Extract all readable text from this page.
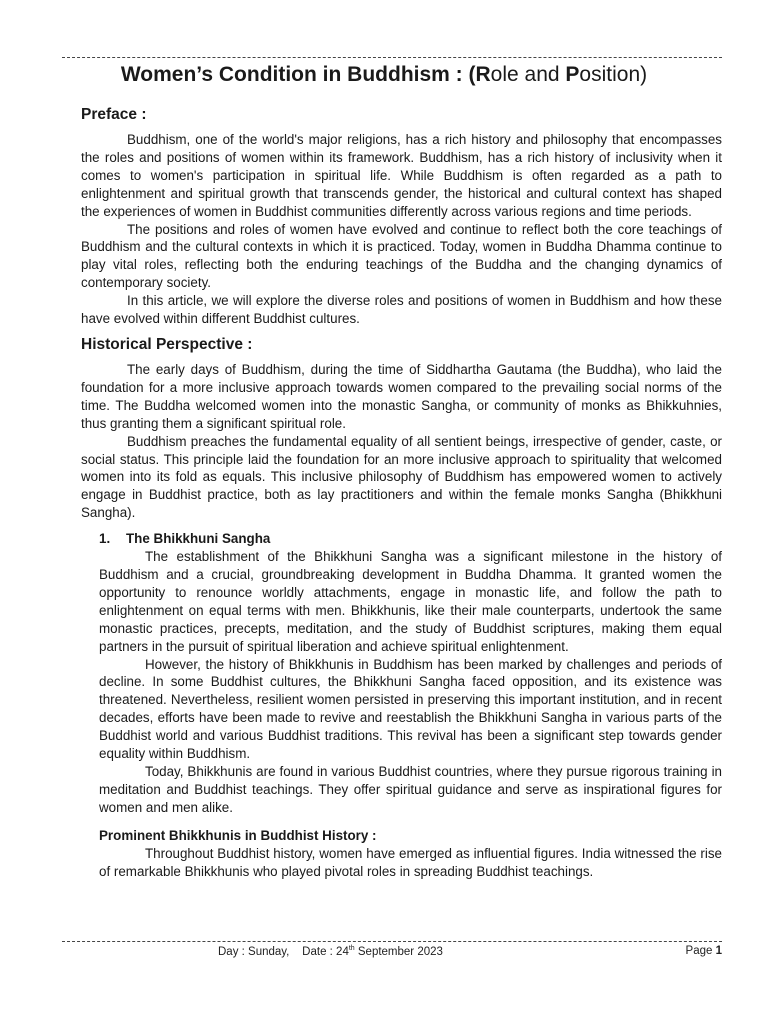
Women’s Condition in Buddhism : (Role and Position)
Preface :

Buddhism, one of the world's major religions, has a rich history and philosophy that encompasses the roles and positions of women within its framework. Buddhism, has a rich history of inclusivity when it comes to women's participation in spiritual life. While Buddhism is often regarded as a path to enlightenment and spiritual growth that transcends gender, the historical and cultural context has shaped the experiences of women in Buddhist communities differently across various regions and time periods.

The positions and roles of women have evolved and continue to reflect both the core teachings of Buddhism and the cultural contexts in which it is practiced. Today, women in Buddha Dhamma continue to play vital roles, reflecting both the enduring teachings of the Buddha and the changing dynamics of contemporary society.

In this article, we will explore the diverse roles and positions of women in Buddhism and how these have evolved within different Buddhist cultures.

Historical Perspective :

The early days of Buddhism, during the time of Siddhartha Gautama (the Buddha), who laid the foundation for a more inclusive approach towards women compared to the prevailing social norms of the time. The Buddha welcomed women into the monastic Sangha, or community of monks as Bhikkuhnies, thus granting them a significant spiritual role.

Buddhism preaches the fundamental equality of all sentient beings, irrespective of gender, caste, or social status. This principle laid the foundation for an more inclusive approach to spirituality that welcomed women into its fold as equals. This inclusive philosophy of Buddhism has empowered women to actively engage in Buddhist practice, both as lay practitioners and within the female monks Sangha (Bhikkhuni Sangha).

1. The Bhikkhuni Sangha

The establishment of the Bhikkhuni Sangha was a significant milestone in the history of Buddhism and a crucial, groundbreaking development in Buddha Dhamma. It granted women the opportunity to renounce worldly attachments, engage in monastic life, and follow the path to enlightenment on equal terms with men. Bhikkhunis, like their male counterparts, undertook the same monastic practices, precepts, meditation, and the study of Buddhist scriptures, making them equal partners in the pursuit of spiritual liberation and achieve spiritual enlightenment.

However, the history of Bhikkhunis in Buddhism has been marked by challenges and periods of decline. In some Buddhist cultures, the Bhikkhuni Sangha faced opposition, and its existence was threatened. Nevertheless, resilient women persisted in preserving this important institution, and in recent decades, efforts have been made to revive and reestablish the Bhikkhuni Sangha in various parts of the Buddhist world and various Buddhist traditions. This revival has been a significant step towards gender equality within Buddhism.

Today, Bhikkhunis are found in various Buddhist countries, where they pursue rigorous training in meditation and Buddhist teachings. They offer spiritual guidance and serve as inspirational figures for women and men alike.

Prominent Bhikkhunis in Buddhist History :

Throughout Buddhist history, women have emerged as influential figures. India witnessed the rise of remarkable Bhikkhunis who played pivotal roles in spreading Buddhist teachings.

Day : Sunday, Date : 24th September 2023	Page 1
